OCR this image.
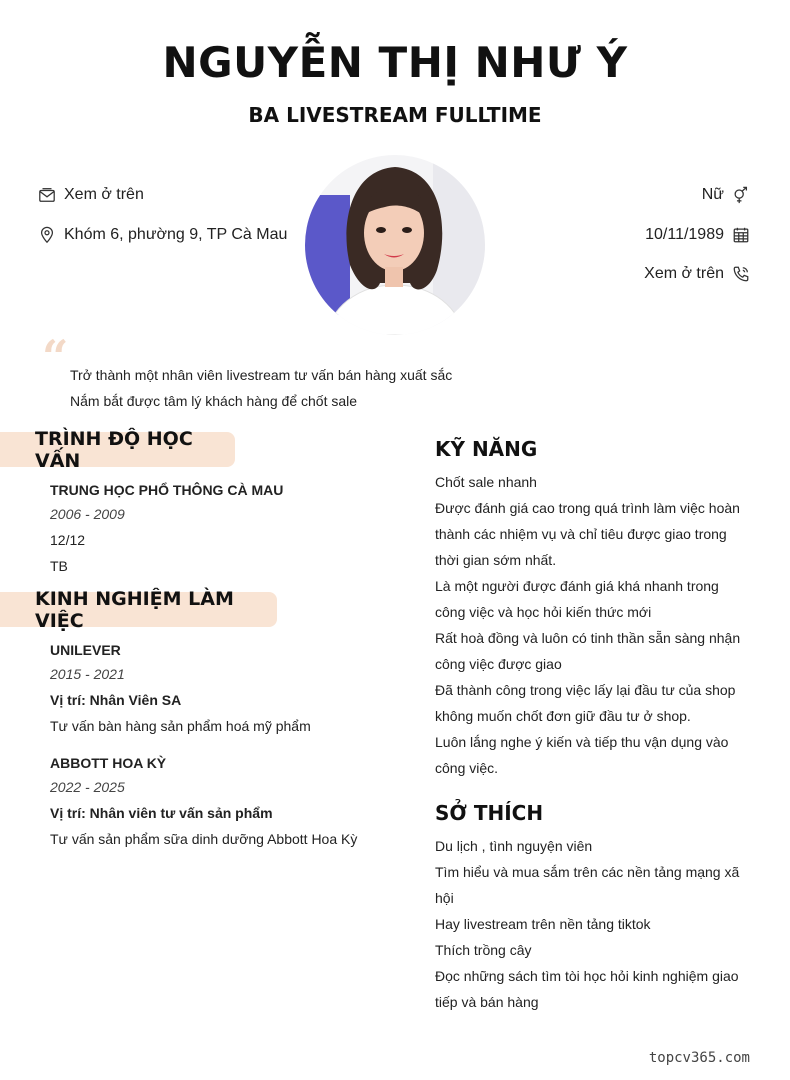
NGUYỄN THỊ NHƯ Ý
BA LIVESTREAM FULLTIME
Xem ở trên
Khóm 6, phường 9, TP Cà Mau
Nữ
10/11/1989
Xem ở trên
“ Trở thành một nhân viên livestream tư vấn bán hàng xuất sắc
Nắm bắt được tâm lý khách hàng để chốt sale
TRÌNH ĐỘ HỌC VẤN
TRUNG HỌC PHỔ THÔNG CÀ MAU
2006 - 2009
12/12
TB
KINH NGHIỆM LÀM VIỆC
UNILEVER
2015 - 2021
Vị trí: Nhân Viên SA
Tư vấn bàn hàng sản phẩm hoá mỹ phẩm
ABBOTT HOA KỲ
2022 - 2025
Vị trí: Nhân viên tư vấn sản phẩm
Tư vấn sản phẩm sữa dinh dưỡng Abbott Hoa Kỳ
KỸ NĂNG
Chốt sale nhanh
Được đánh giá cao trong quá trình làm việc hoàn thành các nhiệm vụ và chỉ tiêu được giao trong thời gian sớm nhất.
Là một người được đánh giá khá nhanh trong công việc và học hỏi kiến thức mới
Rất hoà đồng và luôn có tinh thần sẵn sàng nhận công việc được giao
Đã thành công trong việc lấy lại đầu tư của shop không muốn chốt đơn giữ đầu tư ở shop.
Luôn lắng nghe ý kiến và tiếp thu vận dụng vào công việc.
SỞ THÍCH
Du lịch , tình nguyện viên
Tìm hiểu và mua sắm trên các nền tảng mạng xã hội
Hay livestream trên nền tảng tiktok
Thích trồng cây
Đọc những sách tìm tòi học hỏi kinh nghiệm giao tiếp và bán hàng
topcv365.com
